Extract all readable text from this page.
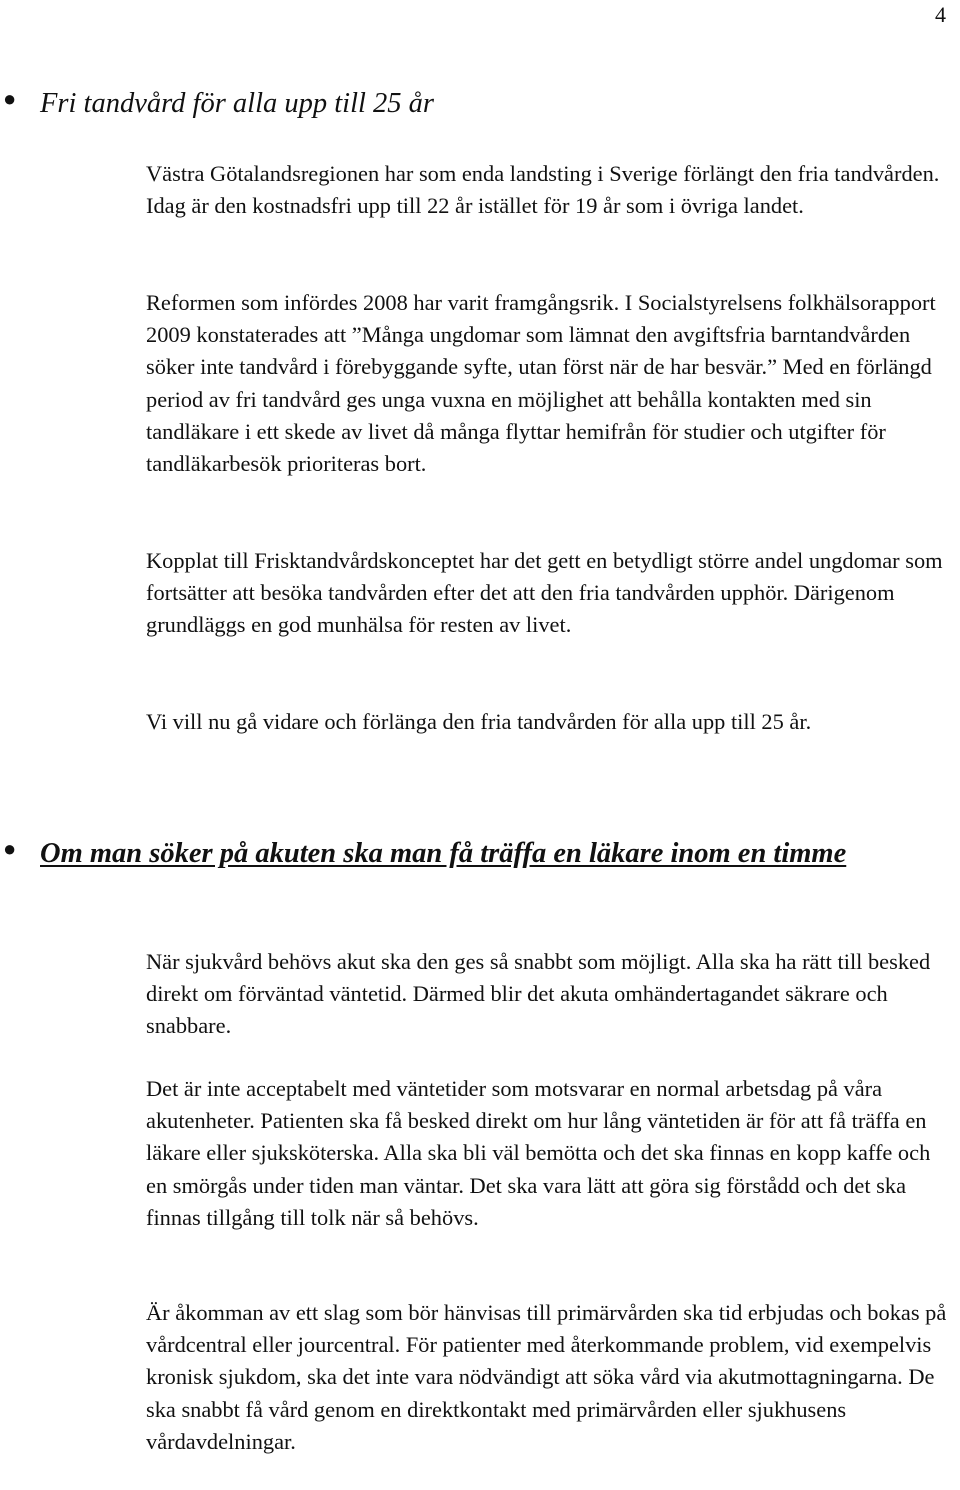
4
● Fri tandvård för alla upp till 25 år

Västra Götalandsregionen har som enda landsting i Sverige förlängt den fria tandvården. Idag är den kostnadsfri upp till 22 år istället för 19 år som i övriga landet.

Reformen som infördes 2008 har varit framgångsrik. I Socialstyrelsens folkhälsorapport 2009 konstaterades att ”Många ungdomar som lämnat den avgiftsfria barntandvården söker inte tandvård i förebyggande syfte, utan först när de har besvär.” Med en förlängd period av fri tandvård ges unga vuxna en möjlighet att behålla kontakten med sin tandläkare i ett skede av livet då många flyttar hemifrån för studier och utgifter för tandläkarbesök prioriteras bort.

Kopplat till Frisktandvårdskonceptet har det gett en betydligt större andel ungdomar som fortsätter att besöka tandvården efter det att den fria tandvården upphör. Därigenom grundläggs en god munhälsa för resten av livet.

Vi vill nu gå vidare och förlänga den fria tandvården för alla upp till 25 år.

● Om man söker på akuten ska man få träffa en läkare inom en timme

När sjukvård behövs akut ska den ges så snabbt som möjligt. Alla ska ha rätt till besked direkt om förväntad väntetid. Därmed blir det akuta omhändertagandet säkrare och snabbare.

Det är inte acceptabelt med väntetider som motsvarar en normal arbetsdag på våra akutenheter. Patienten ska få besked direkt om hur lång väntetiden är för att få träffa en läkare eller sjuksköterska. Alla ska bli väl bemötta och det ska finnas en kopp kaffe och en smörgås under tiden man väntar. Det ska vara lätt att göra sig förstådd och det ska finnas tillgång till tolk när så behövs.

Är åkomman av ett slag som bör hänvisas till primärvården ska tid erbjudas och bokas på vårdcentral eller jourcentral. För patienter med återkommande problem, vid exempelvis kronisk sjukdom, ska det inte vara nödvändigt att söka vård via akutmottagningarna. De ska snabbt få vård genom en direktkontakt med primärvården eller sjukhusens vårdavdelningar.
